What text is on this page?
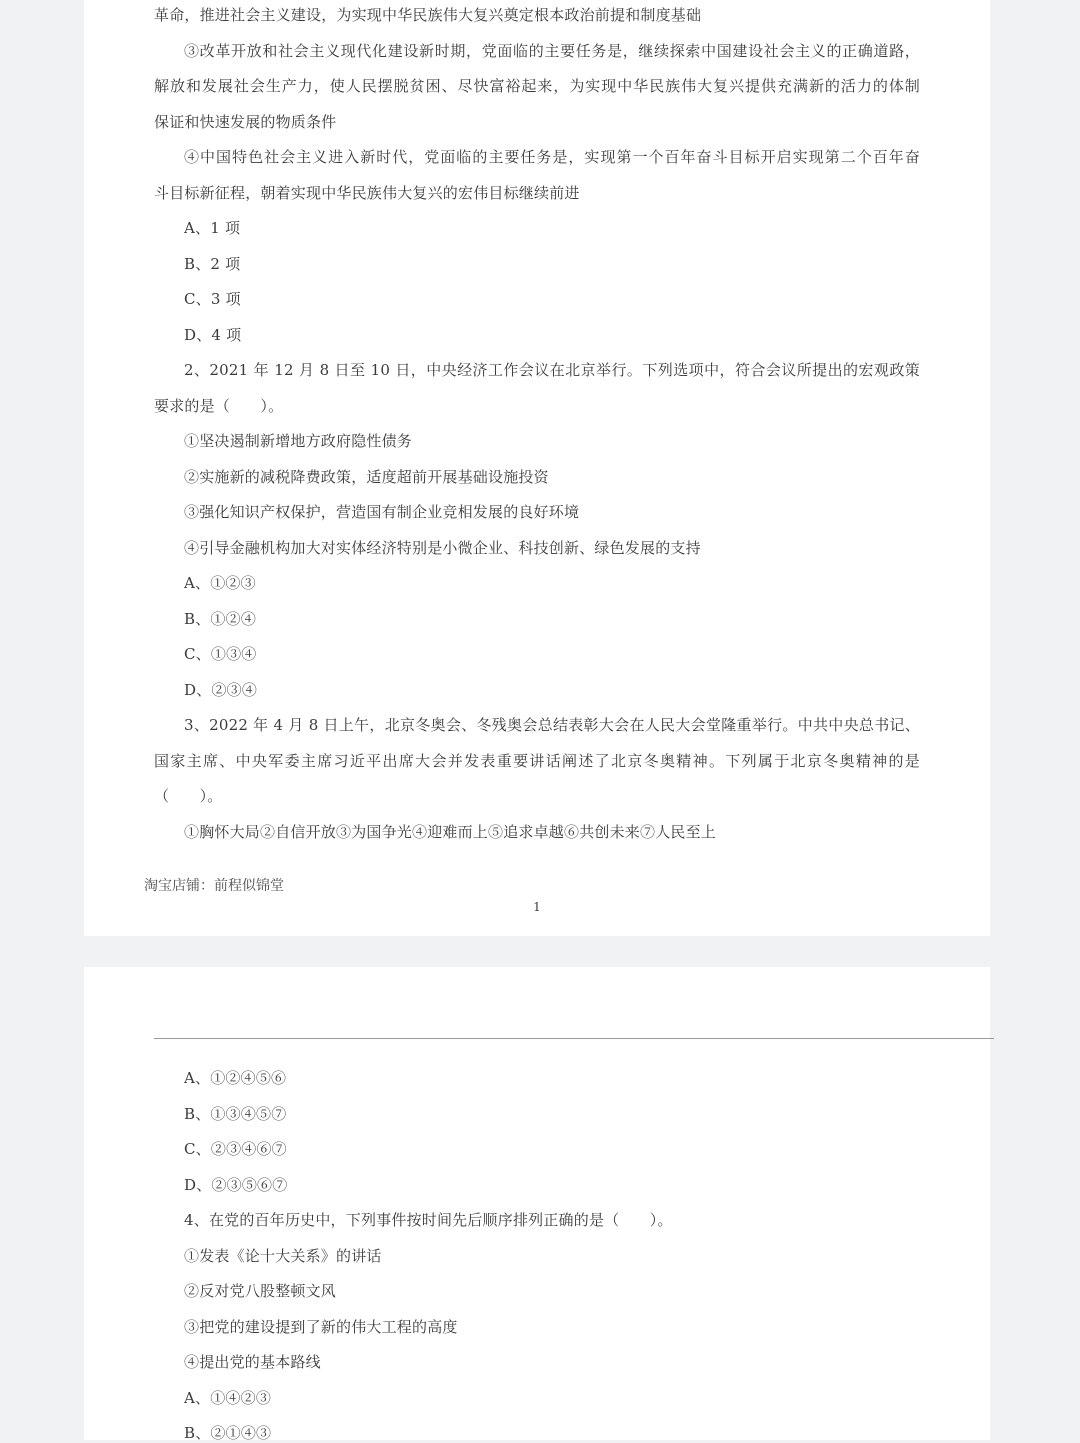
革命，推进社会主义建设，为实现中华民族伟大复兴奠定根本政治前提和制度基础
③改革开放和社会主义现代化建设新时期，党面临的主要任务是，继续探索中国建设社会主义的正确道路，
解放和发展社会生产力，使人民摆脱贫困、尽快富裕起来，为实现中华民族伟大复兴提供充满新的活力的体制
保证和快速发展的物质条件
④中国特色社会主义进入新时代，党面临的主要任务是，实现第一个百年奋斗目标开启实现第二个百年奋
斗目标新征程，朝着实现中华民族伟大复兴的宏伟目标继续前进
A、1 项
B、2 项
C、3 项
D、4 项
2、2021 年 12 月 8 日至 10 日，中央经济工作会议在北京举行。下列选项中，符合会议所提出的宏观政策
要求的是（　　）。
①坚决遏制新增地方政府隐性债务
②实施新的减税降费政策，适度超前开展基础设施投资
③强化知识产权保护，营造国有制企业竞相发展的良好环境
④引导金融机构加大对实体经济特别是小微企业、科技创新、绿色发展的支持
A、①②③
B、①②④
C、①③④
D、②③④
3、2022 年 4 月 8 日上午，北京冬奥会、冬残奥会总结表彰大会在人民大会堂隆重举行。中共中央总书记、
国家主席、中央军委主席习近平出席大会并发表重要讲话阐述了北京冬奥精神。下列属于北京冬奥精神的是
（　　）。
①胸怀大局②自信开放③为国争光④迎难而上⑤追求卓越⑥共创未来⑦人民至上
淘宝店铺：前程似锦堂
1
A、①②④⑤⑥
B、①③④⑤⑦
C、②③④⑥⑦
D、②③⑤⑥⑦
4、在党的百年历史中，下列事件按时间先后顺序排列正确的是（　　）。
①发表《论十大关系》的讲话
②反对党八股整顿文风
③把党的建设提到了新的伟大工程的高度
④提出党的基本路线
A、①④②③
B、②①④③
